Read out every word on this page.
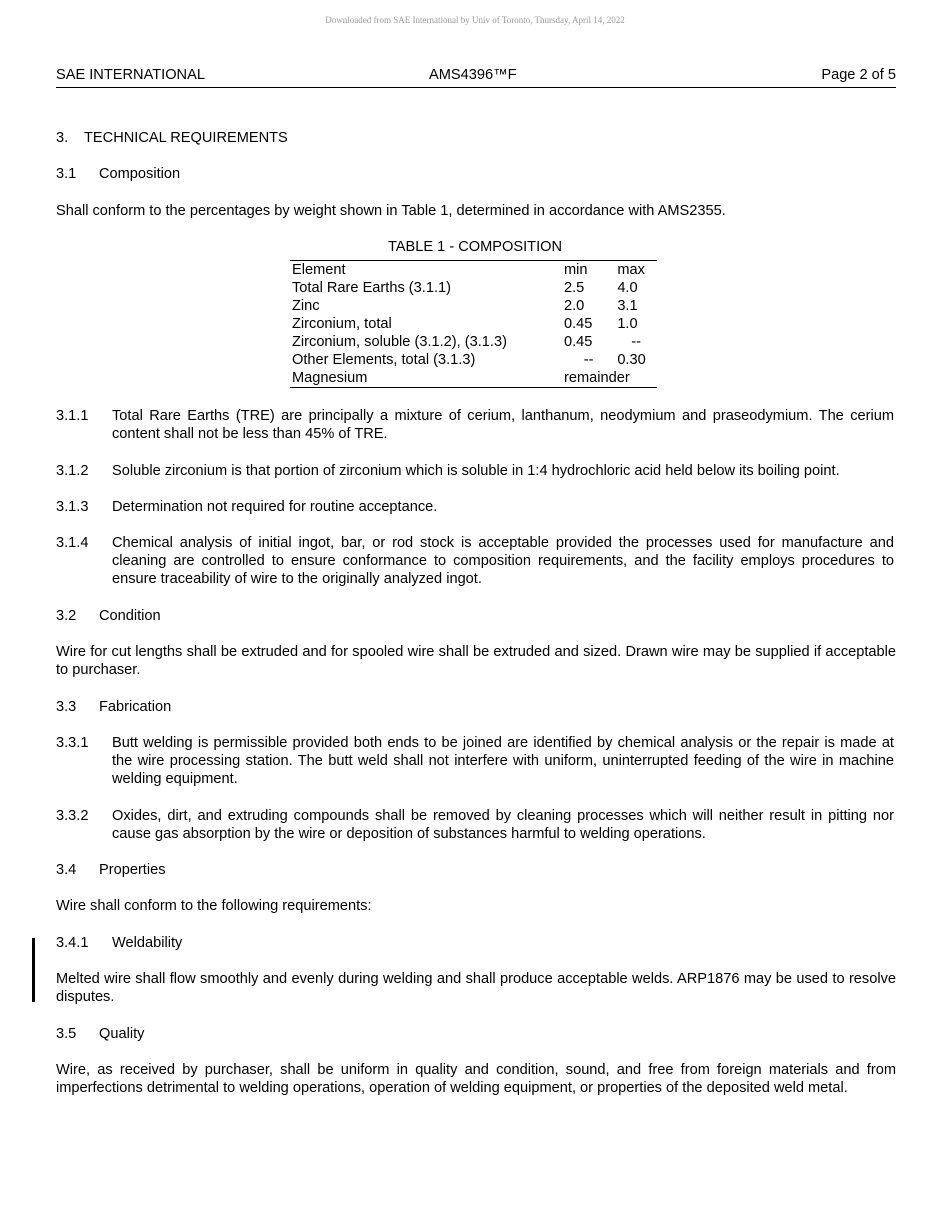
Downloaded from SAE International by Univ of Toronto, Thursday, April 14, 2022
SAE INTERNATIONAL	AMS4396™F	Page 2 of 5
3. TECHNICAL REQUIREMENTS
3.1 Composition
Shall conform to the percentages by weight shown in Table 1, determined in accordance with AMS2355.
TABLE 1 - COMPOSITION
Element	min	max
Total Rare Earths (3.1.1)	2.5	4.0
Zinc	2.0	3.1
Zirconium, total	0.45	1.0
Zirconium, soluble (3.1.2), (3.1.3)	0.45	--
Other Elements, total (3.1.3)	--	0.30
Magnesium	remainder	
3.1.1 Total Rare Earths (TRE) are principally a mixture of cerium, lanthanum, neodymium and praseodymium. The cerium content shall not be less than 45% of TRE.
3.1.2 Soluble zirconium is that portion of zirconium which is soluble in 1:4 hydrochloric acid held below its boiling point.
3.1.3 Determination not required for routine acceptance.
3.1.4 Chemical analysis of initial ingot, bar, or rod stock is acceptable provided the processes used for manufacture and cleaning are controlled to ensure conformance to composition requirements, and the facility employs procedures to ensure traceability of wire to the originally analyzed ingot.
3.2 Condition
Wire for cut lengths shall be extruded and for spooled wire shall be extruded and sized. Drawn wire may be supplied if acceptable to purchaser.
3.3 Fabrication
3.3.1 Butt welding is permissible provided both ends to be joined are identified by chemical analysis or the repair is made at the wire processing station. The butt weld shall not interfere with uniform, uninterrupted feeding of the wire in machine welding equipment.
3.3.2 Oxides, dirt, and extruding compounds shall be removed by cleaning processes which will neither result in pitting nor cause gas absorption by the wire or deposition of substances harmful to welding operations.
3.4 Properties
Wire shall conform to the following requirements:
3.4.1 Weldability
Melted wire shall flow smoothly and evenly during welding and shall produce acceptable welds. ARP1876 may be used to resolve disputes.
3.5 Quality
Wire, as received by purchaser, shall be uniform in quality and condition, sound, and free from foreign materials and from imperfections detrimental to welding operations, operation of welding equipment, or properties of the deposited weld metal.
